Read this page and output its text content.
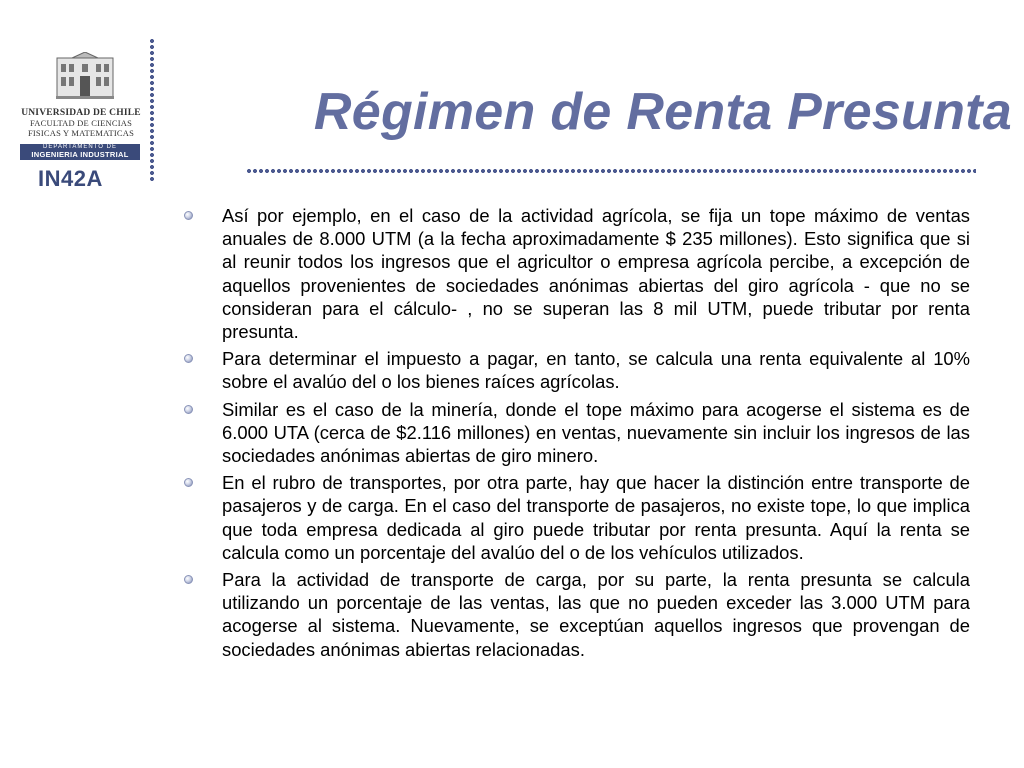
UNIVERSIDAD DE CHILE
FACULTAD DE CIENCIAS
FISICAS Y MATEMATICAS
DEPARTAMENTO DE
INGENIERIA INDUSTRIAL
IN42A
Régimen de Renta Presunta
Así por ejemplo, en el caso de la actividad agrícola, se fija un tope máximo de ventas anuales de 8.000 UTM (a la fecha aproximadamente $ 235 millones). Esto significa que si al reunir todos los ingresos que el agricultor o empresa agrícola percibe, a excepción de aquellos provenientes de sociedades anónimas abiertas del giro agrícola - que no se consideran para el cálculo- , no se superan las 8 mil UTM, puede tributar por renta presunta.
Para determinar el impuesto a pagar, en tanto, se calcula una renta equivalente al 10% sobre el avalúo del o los bienes raíces agrícolas.
Similar es el caso de la minería, donde el tope máximo para acogerse el sistema es de 6.000 UTA (cerca de $2.116 millones) en ventas, nuevamente sin incluir los ingresos de las sociedades anónimas abiertas de giro minero.
En el rubro de transportes, por otra parte, hay que hacer la distinción entre transporte de pasajeros y de carga. En el caso del transporte de pasajeros, no existe tope, lo que implica que toda empresa dedicada al giro puede tributar por renta presunta. Aquí la renta se calcula como un porcentaje del avalúo del o de los vehículos utilizados.
Para la actividad de transporte de carga, por su parte, la renta presunta se calcula utilizando un porcentaje de las ventas, las que no pueden exceder las 3.000 UTM para acogerse al sistema. Nuevamente, se exceptúan aquellos ingresos que provengan de sociedades anónimas abiertas relacionadas.
